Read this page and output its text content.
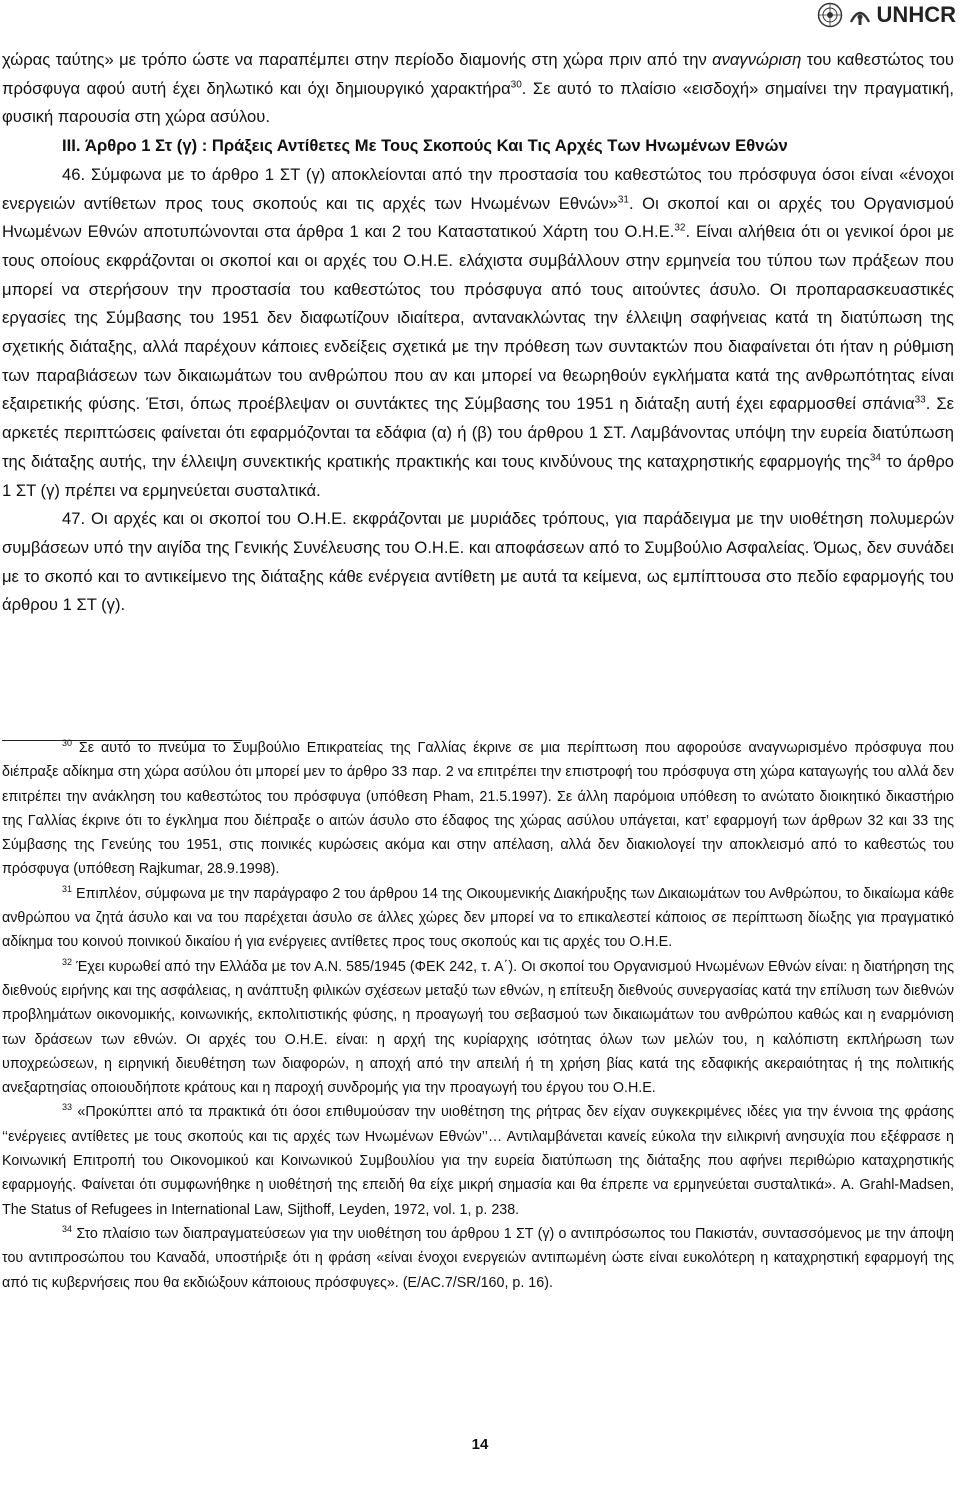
UNHCR

χώρας ταύτης» με τρόπο ώστε να παραπέμπει στην περίοδο διαμονής στη χώρα πριν από την αναγνώριση του καθεστώτος του πρόσφυγα αφού αυτή έχει δηλωτικό και όχι δημιουργικό χαρακτήρα$^{30}$. Σε αυτό το πλαίσιο «εισδοχή» σημαίνει την πραγματική, φυσική παρουσία στη χώρα ασύλου.

III. Άρθρο 1 Στ (γ) : Πράξεις Αντίθετες Με Τους Σκοπούς Και Τις Αρχές Των Ηνωμένων Εθνών

46. Σύμφωνα με το άρθρο 1 ΣΤ (γ) αποκλείονται από την προστασία του καθεστώτος του πρόσφυγα όσοι είναι «ένοχοι ενεργειών αντίθετων προς τους σκοπούς και τις αρχές των Ηνωμένων Εθνών»$^{31}$. Οι σκοποί και οι αρχές του Οργανισμού Ηνωμένων Εθνών αποτυπώνονται στα άρθρα 1 και 2 του Καταστατικού Χάρτη του Ο.Η.Ε.$^{32}$. Είναι αλήθεια ότι οι γενικοί όροι με τους οποίους εκφράζονται οι σκοποί και οι αρχές του Ο.Η.Ε. ελάχιστα συμβάλλουν στην ερμηνεία του τύπου των πράξεων που μπορεί να στερήσουν την προστασία του καθεστώτος του πρόσφυγα από τους αιτούντες άσυλο. Οι προπαρασκευαστικές εργασίες της Σύμβασης του 1951 δεν διαφωτίζουν ιδιαίτερα, αντανακλώντας την έλλειψη σαφήνειας κατά τη διατύπωση της σχετικής διάταξης, αλλά παρέχουν κάποιες ενδείξεις σχετικά με την πρόθεση των συντακτών που διαφαίνεται ότι ήταν η ρύθμιση των παραβιάσεων των δικαιωμάτων του ανθρώπου που αν και μπορεί να θεωρηθούν εγκλήματα κατά της ανθρωπότητας είναι εξαιρετικής φύσης. Έτσι, όπως προέβλεψαν οι συντάκτες της Σύμβασης του 1951 η διάταξη αυτή έχει εφαρμοσθεί σπάνια$^{33}$. Σε αρκετές περιπτώσεις φαίνεται ότι εφαρμόζονται τα εδάφια (α) ή (β) του άρθρου 1 ΣΤ. Λαμβάνοντας υπόψη την ευρεία διατύπωση της διάταξης αυτής, την έλλειψη συνεκτικής κρατικής πρακτικής και τους κινδύνους της καταχρηστικής εφαρμογής της$^{34}$ το άρθρο 1 ΣΤ (γ) πρέπει να ερμηνεύεται συσταλτικά.

47. Οι αρχές και οι σκοποί του Ο.Η.Ε. εκφράζονται με μυριάδες τρόπους, για παράδειγμα με την υιοθέτηση πολυμερών συμβάσεων υπό την αιγίδα της Γενικής Συνέλευσης του Ο.Η.Ε. και αποφάσεων από το Συμβούλιο Ασφαλείας. Όμως, δεν συνάδει με το σκοπό και το αντικείμενο της διάταξης κάθε ενέργεια αντίθετη με αυτά τα κείμενα, ως εμπίπτουσα στο πεδίο εφαρμογής του άρθρου 1 ΣΤ (γ).

$^{30}$ Σε αυτό το πνεύμα το Συμβούλιο Επικρατείας της Γαλλίας έκρινε σε μια περίπτωση που αφορούσε αναγνωρισμένο πρόσφυγα που διέπραξε αδίκημα στη χώρα ασύλου ότι μπορεί μεν το άρθρο 33 παρ. 2 να επιτρέπει την επιστροφή του πρόσφυγα στη χώρα καταγωγής του αλλά δεν επιτρέπει την ανάκληση του καθεστώτος του πρόσφυγα (υπόθεση Pham, 21.5.1997). Σε άλλη παρόμοια υπόθεση το ανώτατο διοικητικό δικαστήριο της Γαλλίας έκρινε ότι το έγκλημα που διέπραξε ο αιτών άσυλο στο έδαφος της χώρας ασύλου υπάγεται, κατ’ εφαρμογή των άρθρων 32 και 33 της Σύμβασης της Γενεύης του 1951, στις ποινικές κυρώσεις ακόμα και στην απέλαση, αλλά δεν διακιολογεί την αποκλεισμό από το καθεστώς του πρόσφυγα (υπόθεση Rajkumar, 28.9.1998).

$^{31}$ Επιπλέον, σύμφωνα με την παράγραφο 2 του άρθρου 14 της Οικουμενικής Διακήρυξης των Δικαιωμάτων του Ανθρώπου, το δικαίωμα κάθε ανθρώπου να ζητά άσυλο και να του παρέχεται άσυλο σε άλλες χώρες δεν μπορεί να το επικαλεστεί κάποιος σε περίπτωση δίωξης για πραγματικό αδίκημα του κοινού ποινικού δικαίου ή για ενέργειες αντίθετες προς τους σκοπούς και τις αρχές του Ο.Η.Ε.

$^{32}$ Έχει κυρωθεί από την Ελλάδα με τον Α.Ν. 585/1945 (ΦΕΚ 242, τ. Α΄). Οι σκοποί του Οργανισμού Ηνωμένων Εθνών είναι: η διατήρηση της διεθνούς ειρήνης και της ασφάλειας, η ανάπτυξη φιλικών σχέσεων μεταξύ των εθνών, η επίτευξη διεθνούς συνεργασίας κατά την επίλυση των διεθνών προβλημάτων οικονομικής, κοινωνικής, εκπολιτιστικής φύσης, η προαγωγή του σεβασμού των δικαιωμάτων του ανθρώπου καθώς και η εναρμόνιση των δράσεων των εθνών. Οι αρχές του Ο.Η.Ε. είναι: η αρχή της κυρίαρχης ισότητας όλων των μελών του, η καλόπιστη εκπλήρωση των υποχρεώσεων, η ειρηνική διευθέτηση των διαφορών, η αποχή από την απειλή ή τη χρήση βίας κατά της εδαφικής ακεραιότητας ή της πολιτικής ανεξαρτησίας οποιουδήποτε κράτους και η παροχή συνδρομής για την προαγωγή του έργου του Ο.Η.Ε.

$^{33}$ «Προκύπτει από τα πρακτικά ότι όσοι επιθυμούσαν την υιοθέτηση της ρήτρας δεν είχαν συγκεκριμένες ιδέες για την έννοια της φράσης ‘‘ενέργειες αντίθετες με τους σκοπούς και τις αρχές των Ηνωμένων Εθνών’’… Αντιλαμβάνεται κανείς εύκολα την ειλικρινή ανησυχία που εξέφρασε η Κοινωνική Επιτροπή του Οικονομικού και Κοινωνικού Συμβουλίου για την ευρεία διατύπωση της διάταξης που αφήνει περιθώριο καταχρηστικής εφαρμογής. Φαίνεται ότι συμφωνήθηκε η υιοθέτησή της επειδή θα είχε μικρή σημασία και θα έπρεπε να ερμηνεύεται συσταλτικά». A. Grahl-Madsen, The Status of Refugees in International Law, Sijthoff, Leyden, 1972, vol. 1, p. 238.

$^{34}$ Στο πλαίσιο των διαπραγματεύσεων για την υιοθέτηση του άρθρου 1 ΣΤ (γ) ο αντιπρόσωπος του Πακιστάν, συντασσόμενος με την άποψη του αντιπροσώπου του Καναδά, υποστήριξε ότι η φράση «είναι ένοχοι ενεργειών αντιπωμένη ώστε είναι ευκολότερη η καταχρηστική εφαρμογή της από τις κυβερνήσεις που θα εκδιώξουν κάποιους πρόσφυγες». (E/AC.7/SR/160, p. 16).

14
